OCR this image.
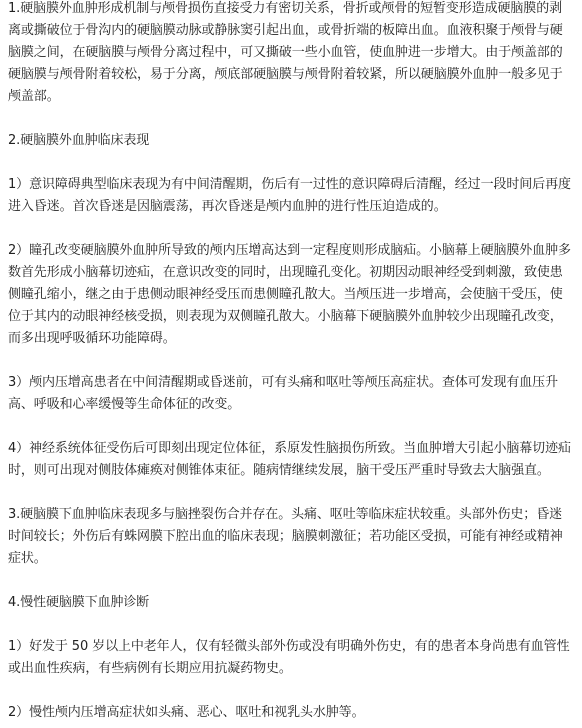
1.硬脑膜外血肿形成机制与颅骨损伤直接受力有密切关系，骨折或颅骨的短暂变形造成硬脑膜的剥离或撕破位于骨沟内的硬脑膜动脉或静脉窦引起出血，或骨折端的板障出血。血液积聚于颅骨与硬脑膜之间，在硬脑膜与颅骨分离过程中，可又撕破一些小血管，使血肿进一步增大。由于颅盖部的硬脑膜与颅骨附着较松，易于分离，颅底部硬脑膜与颅骨附着较紧，所以硬脑膜外血肿一般多见于颅盖部。

2.硬脑膜外血肿临床表现

1）意识障碍典型临床表现为有中间清醒期，伤后有一过性的意识障碍后清醒，经过一段时间后再度进入昏迷。首次昏迷是因脑震荡，再次昏迷是颅内血肿的进行性压迫造成的。

2）瞳孔改变硬脑膜外血肿所导致的颅内压增高达到一定程度则形成脑疝。小脑幕上硬脑膜外血肿多数首先形成小脑幕切迹疝，在意识改变的同时，出现瞳孔变化。初期因动眼神经受到刺激，致使患侧瞳孔缩小，继之由于患侧动眼神经受压而患侧瞳孔散大。当颅压进一步增高，会使脑干受压，使位于其内的动眼神经核受损，则表现为双侧瞳孔散大。小脑幕下硬脑膜外血肿较少出现瞳孔改变，而多出现呼吸循环功能障碍。

3）颅内压增高患者在中间清醒期或昏迷前，可有头痛和呕吐等颅压高症状。查体可发现有血压升高、呼吸和心率缓慢等生命体征的改变。

4）神经系统体征受伤后可即刻出现定位体征，系原发性脑损伤所致。当血肿增大引起小脑幕切迹疝时，则可出现对侧肢体瘫痪对侧锥体束征。随病情继续发展，脑干受压严重时导致去大脑强直。

3.硬脑膜下血肿临床表现多与脑挫裂伤合并存在。头痛、呕吐等临床症状较重。头部外伤史；昏迷时间较长；外伤后有蛛网膜下腔出血的临床表现；脑膜刺激征；若功能区受损，可能有神经或精神症状。

4.慢性硬脑膜下血肿诊断

1）好发于 50 岁以上中老年人，仅有轻微头部外伤或没有明确外伤史，有的患者本身尚患有血管性或出血性疾病，有些病例有长期应用抗凝药物史。

2）慢性颅内压增高症状如头痛、恶心、呕吐和视乳头水肿等。
